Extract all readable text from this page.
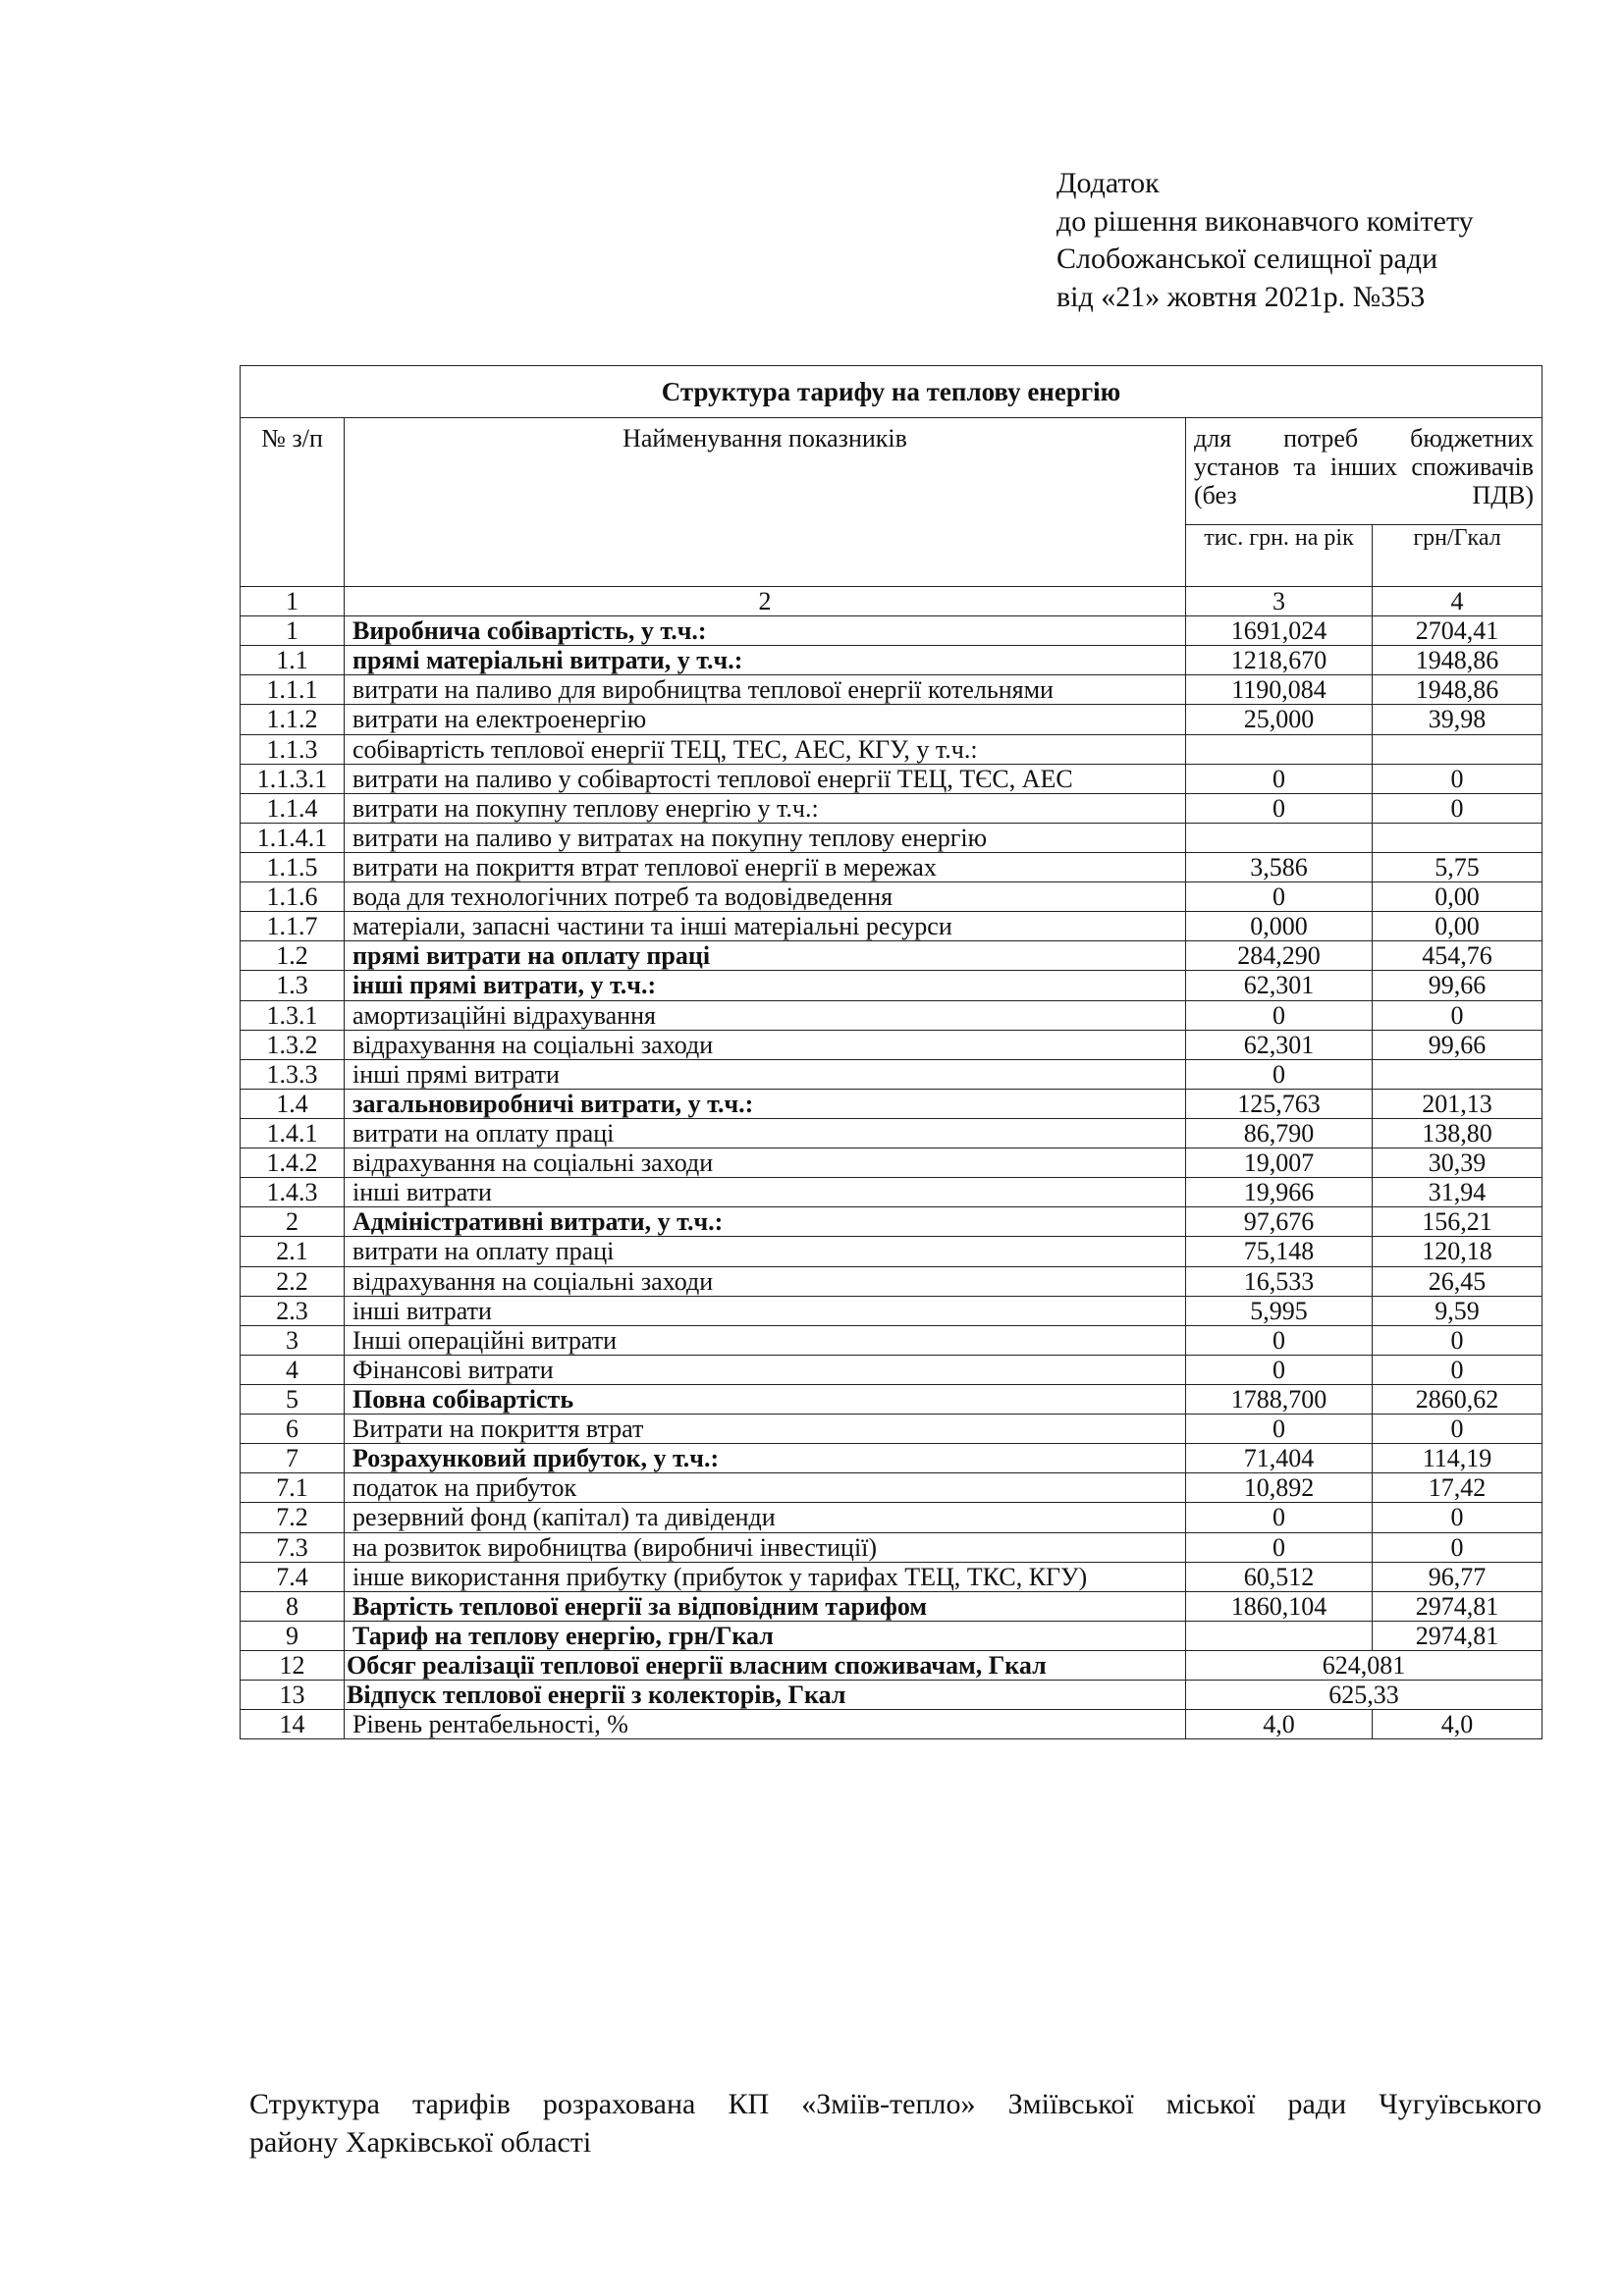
Додаток
до рішення виконавчого комітету
Слобожанської селищної ради
від «21» жовтня 2021р. №353
Структура тарифу на теплову енергію			
№ з/п	Найменування показників	для потреб бюджетних установ та інших споживачів (без ПДВ)	
		тис. грн. на рік	грн/Гкал
1	2	3	4
1	Виробнича собівартість, у т.ч.:	1691,024	2704,41
1.1	прямі матеріальні витрати, у т.ч.:	1218,670	1948,86
1.1.1	витрати на паливо для виробництва теплової енергії котельнями	1190,084	1948,86
1.1.2	витрати на електроенергію	25,000	39,98
1.1.3	собівартість теплової енергії ТЕЦ, ТЕС, АЕС, КГУ, у т.ч.:		
1.1.3.1	витрати на паливо у собівартості теплової енергії ТЕЦ, ТЄС, АЕС	0	0
1.1.4	витрати на покупну теплову енергію у т.ч.:	0	0
1.1.4.1	витрати на паливо у витратах на покупну теплову енергію		
1.1.5	витрати на покриття втрат теплової енергії в мережах	3,586	5,75
1.1.6	вода для технологічних потреб та водовідведення	0	0,00
1.1.7	матеріали, запасні частини та інші матеріальні ресурси	0,000	0,00
1.2	прямі витрати на оплату праці	284,290	454,76
1.3	інші прямі витрати, у т.ч.:	62,301	99,66
1.3.1	амортизаційні відрахування	0	0
1.3.2	відрахування на соціальні заходи	62,301	99,66
1.3.3	інші прямі витрати	0	
1.4	загальновиробничі витрати, у т.ч.:	125,763	201,13
1.4.1	витрати на оплату праці	86,790	138,80
1.4.2	відрахування на соціальні заходи	19,007	30,39
1.4.3	інші витрати	19,966	31,94
2	Адміністративні витрати, у т.ч.:	97,676	156,21
2.1	витрати на оплату праці	75,148	120,18
2.2	відрахування на соціальні заходи	16,533	26,45
2.3	інші витрати	5,995	9,59
3	Інші операційні витрати	0	0
4	Фінансові витрати	0	0
5	Повна собівартість	1788,700	2860,62
6	Витрати на покриття втрат	0	0
7	Розрахунковий прибуток, у т.ч.:	71,404	114,19
7.1	податок на прибуток	10,892	17,42
7.2	резервний фонд (капітал) та дивіденди	0	0
7.3	на розвиток виробництва (виробничі інвестиції)	0	0
7.4	інше використання прибутку (прибуток у тарифах ТЕЦ, ТКС, КГУ)	60,512	96,77
8	Вартість теплової енергії за відповідним тарифом	1860,104	2974,81
9	Тариф на теплову енергію, грн/Гкал		2974,81
12	Обсяг реалізації теплової енергії власним споживачам, Гкал	624,081	
13	Відпуск теплової енергії з колекторів, Гкал	625,33	
14	Рівень рентабельності, %	4,0	4,0
Структура тарифів розрахована КП «Зміїв-тепло» Зміївської міської ради Чугуївського
району Харківської області
